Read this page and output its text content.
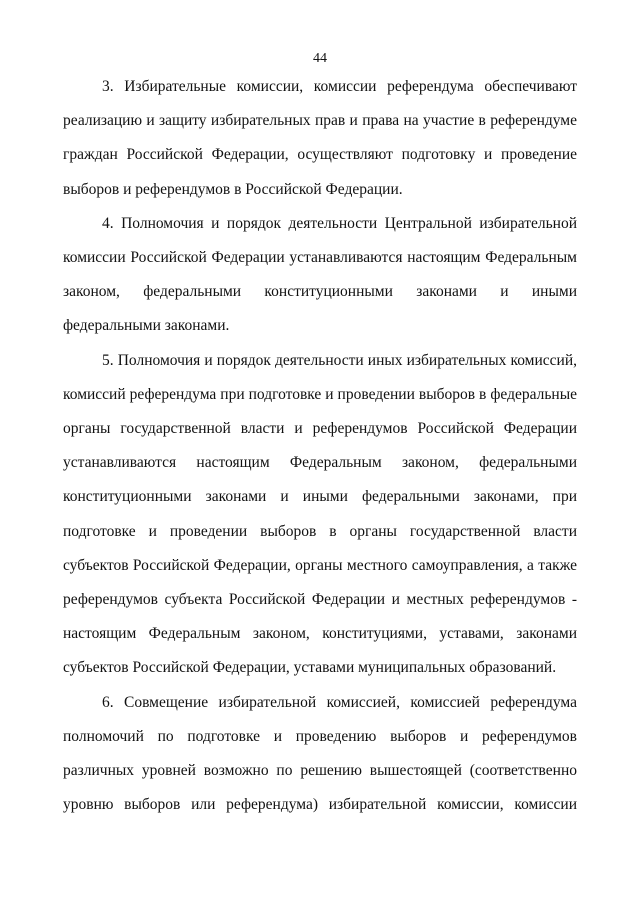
44

3. Избирательные комиссии, комиссии референдума обеспечивают реализацию и защиту избирательных прав и права на участие в референдуме граждан Российской Федерации, осуществляют подготовку и проведение выборов и референдумов в Российской Федерации.

4. Полномочия и порядок деятельности Центральной избирательной комиссии Российской Федерации устанавливаются настоящим Федеральным законом, федеральными конституционными законами и иными федеральными законами.

5. Полномочия и порядок деятельности иных избирательных комиссий, комиссий референдума при подготовке и проведении выборов в федеральные органы государственной власти и референдумов Российской Федерации устанавливаются настоящим Федеральным законом, федеральными конституционными законами и иными федеральными законами, при подготовке и проведении выборов в органы государственной власти субъектов Российской Федерации, органы местного самоуправления, а также референдумов субъекта Российской Федерации и местных референдумов - настоящим Федеральным законом, конституциями, уставами, законами субъектов Российской Федерации, уставами муниципальных образований.

6. Совмещение избирательной комиссией, комиссией референдума полномочий по подготовке и проведению выборов и референдумов различных уровней возможно по решению вышестоящей (соответственно уровню выборов или референдума) избирательной комиссии, комиссии
